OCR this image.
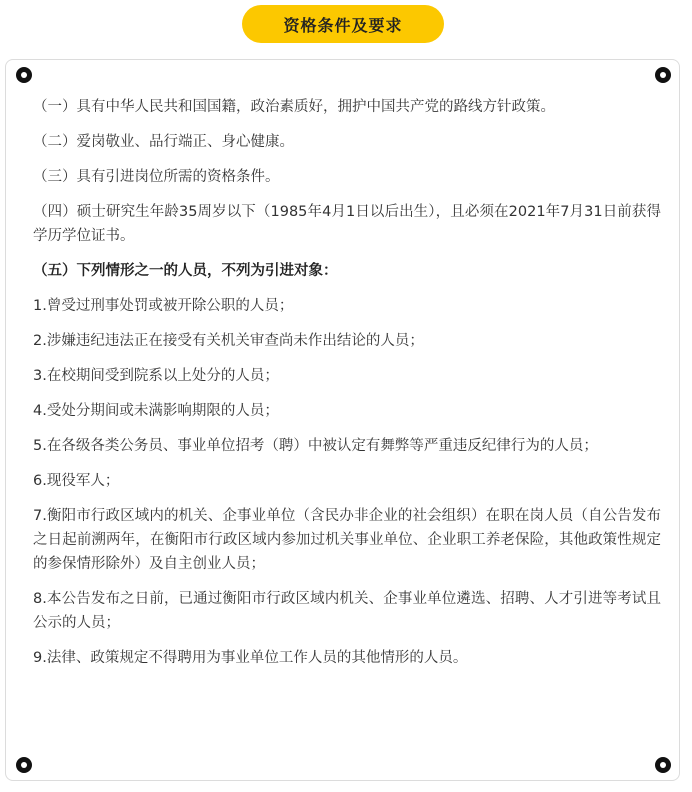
资格条件及要求

（一）具有中华人民共和国国籍，政治素质好，拥护中国共产党的路线方针政策。

（二）爱岗敬业、品行端正、身心健康。

（三）具有引进岗位所需的资格条件。

（四）硕士研究生年龄35周岁以下（1985年4月1日以后出生），且必须在2021年7月31日前获得学历学位证书。

（五）下列情形之一的人员，不列为引进对象：

1.曾受过刑事处罚或被开除公职的人员；

2.涉嫌违纪违法正在接受有关机关审查尚未作出结论的人员；

3.在校期间受到院系以上处分的人员；

4.受处分期间或未满影响期限的人员；

5.在各级各类公务员、事业单位招考（聘）中被认定有舞弊等严重违反纪律行为的人员；

6.现役军人；

7.衡阳市行政区域内的机关、企事业单位（含民办非企业的社会组织）在职在岗人员（自公告发布之日起前溯两年，在衡阳市行政区域内参加过机关事业单位、企业职工养老保险，其他政策性规定的参保情形除外）及自主创业人员；

8.本公告发布之日前，已通过衡阳市行政区域内机关、企事业单位遴选、招聘、人才引进等考试且公示的人员；

9.法律、政策规定不得聘用为事业单位工作人员的其他情形的人员。
